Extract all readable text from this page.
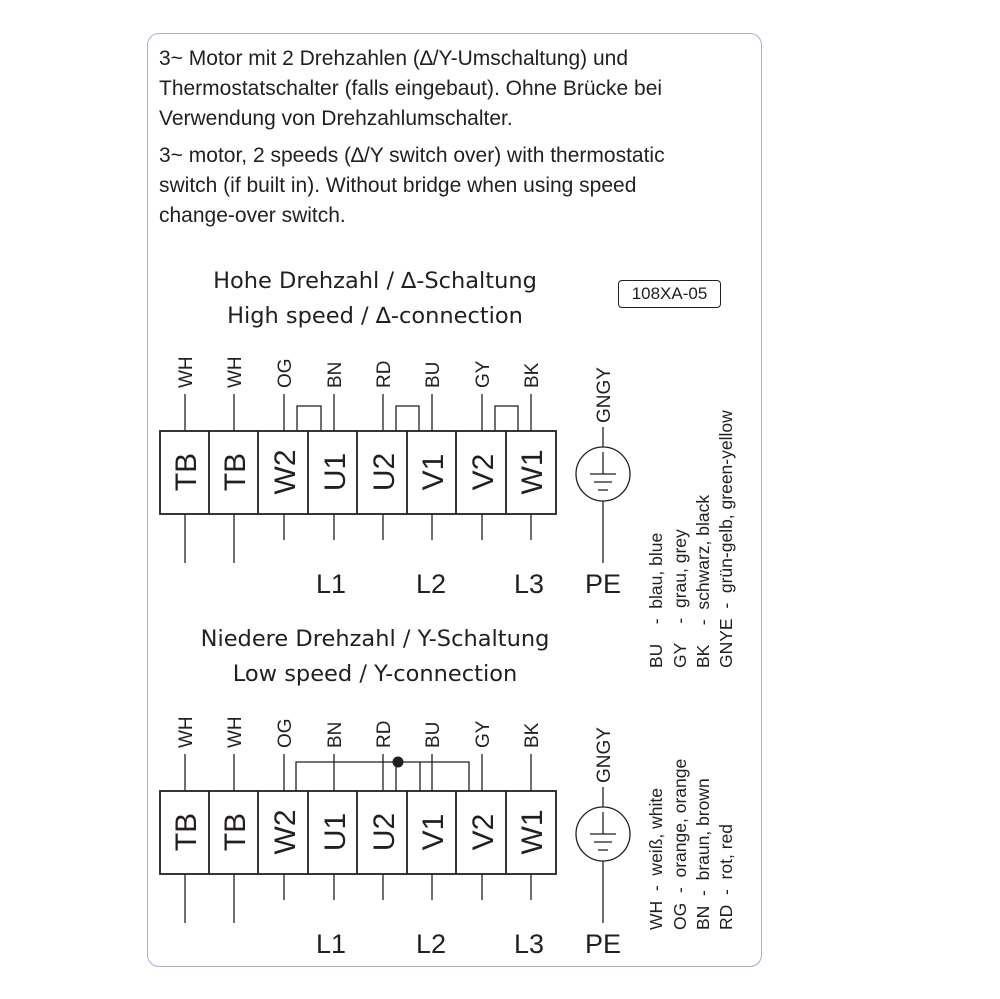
3~ Motor mit 2 Drehzahlen (∆/Y-Umschaltung) und
Thermostatschalter (falls eingebaut). Ohne Brücke bei
Verwendung von Drehzahlumschalter.

3~ motor, 2 speeds (∆/Y switch over) with thermostatic
switch (if built in). Without bridge when using speed
change-over switch.

Hohe Drehzahl / ∆-Schaltung
High speed / ∆-connection
108XA-05
Niedere Drehzahl / Y-Schaltung
Low speed / Y-connection
WH WH OG BN RD BU GY BK
TB TB W2 U1 U2 V1 V2 W1
GNGY
L1	L2	L3 PE
WH WH OG BN RD BU GY BK
TB TB W2 U1 U2 V1 V2 W1
GNGY
L1	L2	L3 PE
BU    -  blau, blue GY    -  grau, grey BK    -  schwarz, black GNYE  -  grün-gelb, green-yellow
WH  -  weiß, white OG  -  orange, orange BN  -  braun, brown RD  -  rot, red
